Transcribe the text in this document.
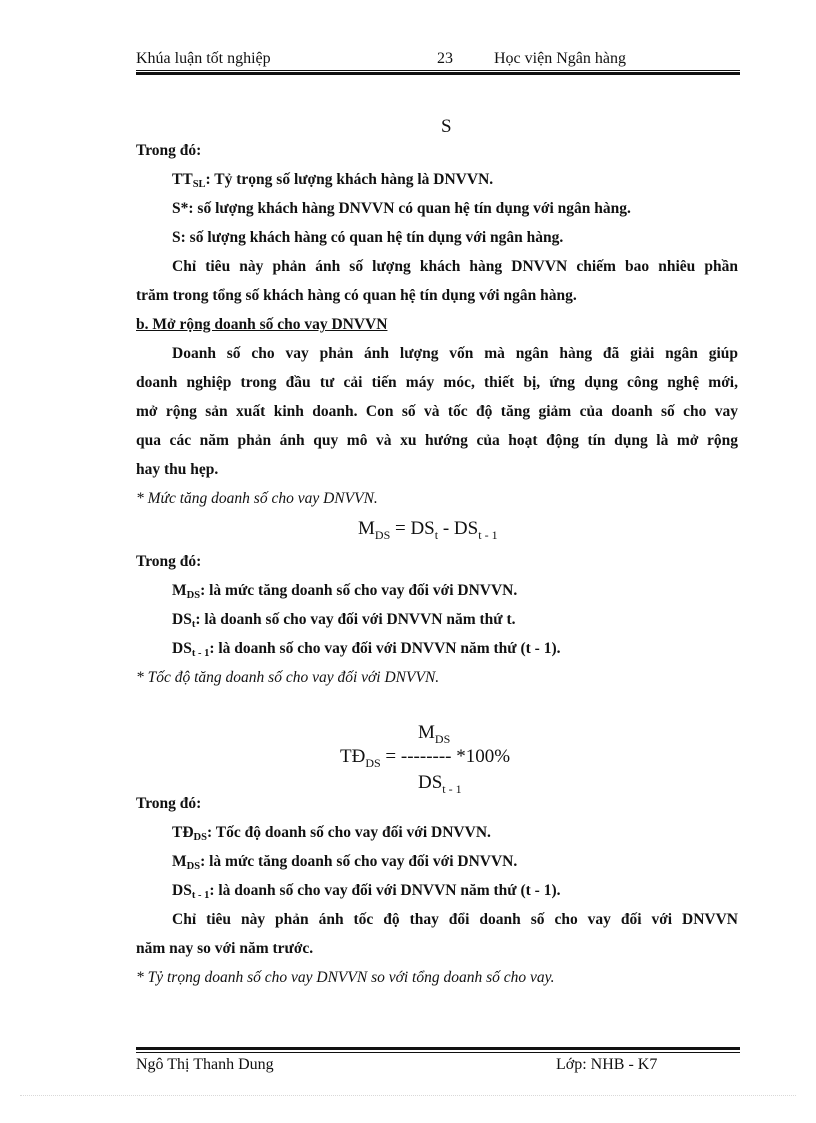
Khúa luận tốt nghiệp	23	Học viện Ngân hàng
S
Trong đó:
$TT_{SL}$: Tỷ trọng số lượng khách hàng là DNVVN.
S*: số lượng khách hàng DNVVN có quan hệ tín dụng với ngân hàng.
S: số lượng khách hàng có quan hệ tín dụng với ngân hàng.
Chỉ tiêu này phản ánh số lượng khách hàng DNVVN chiếm bao nhiêu phần
trăm trong tổng số khách hàng có quan hệ tín dụng với ngân hàng.
b. Mở rộng doanh số cho vay DNVVN
Doanh số cho vay phản ánh lượng vốn mà ngân hàng đã giải ngân giúp
doanh nghiệp trong đầu tư cải tiến máy móc, thiết bị, ứng dụng công nghệ mới,
mở rộng sản xuất kinh doanh. Con số và tốc độ tăng giảm của doanh số cho vay
qua các năm phản ánh quy mô và xu hướng của hoạt động tín dụng là mở rộng
hay thu hẹp.
* Mức tăng doanh số cho vay DNVVN.
$M_{DS} = DS_t - DS_{t - 1}$
Trong đó:
$M_{DS}$: là mức tăng doanh số cho vay đối với DNVVN.
$DS_t$: là doanh số cho vay đối với DNVVN năm thứ t.
$DS_{t - 1}$: là doanh số cho vay đối với DNVVN năm thứ (t - 1).
* Tốc độ tăng doanh số cho vay đối với DNVVN.
$M_{DS}$
$TĐ_{DS}$ = -------- *100%
$DS_{t - 1}$
Trong đó:
$TĐ_{DS}$: Tốc độ doanh số cho vay đối với DNVVN.
$M_{DS}$: là mức tăng doanh số cho vay đối với DNVVN.
$DS_{t - 1}$: là doanh số cho vay đối với DNVVN năm thứ (t - 1).
Chỉ tiêu này phản ánh tốc độ thay đổi doanh số cho vay đối với DNVVN
năm nay so với năm trước.
* Tỷ trọng doanh số cho vay DNVVN so với tổng doanh số cho vay.
Ngô Thị Thanh Dung	Lớp: NHB - K7
